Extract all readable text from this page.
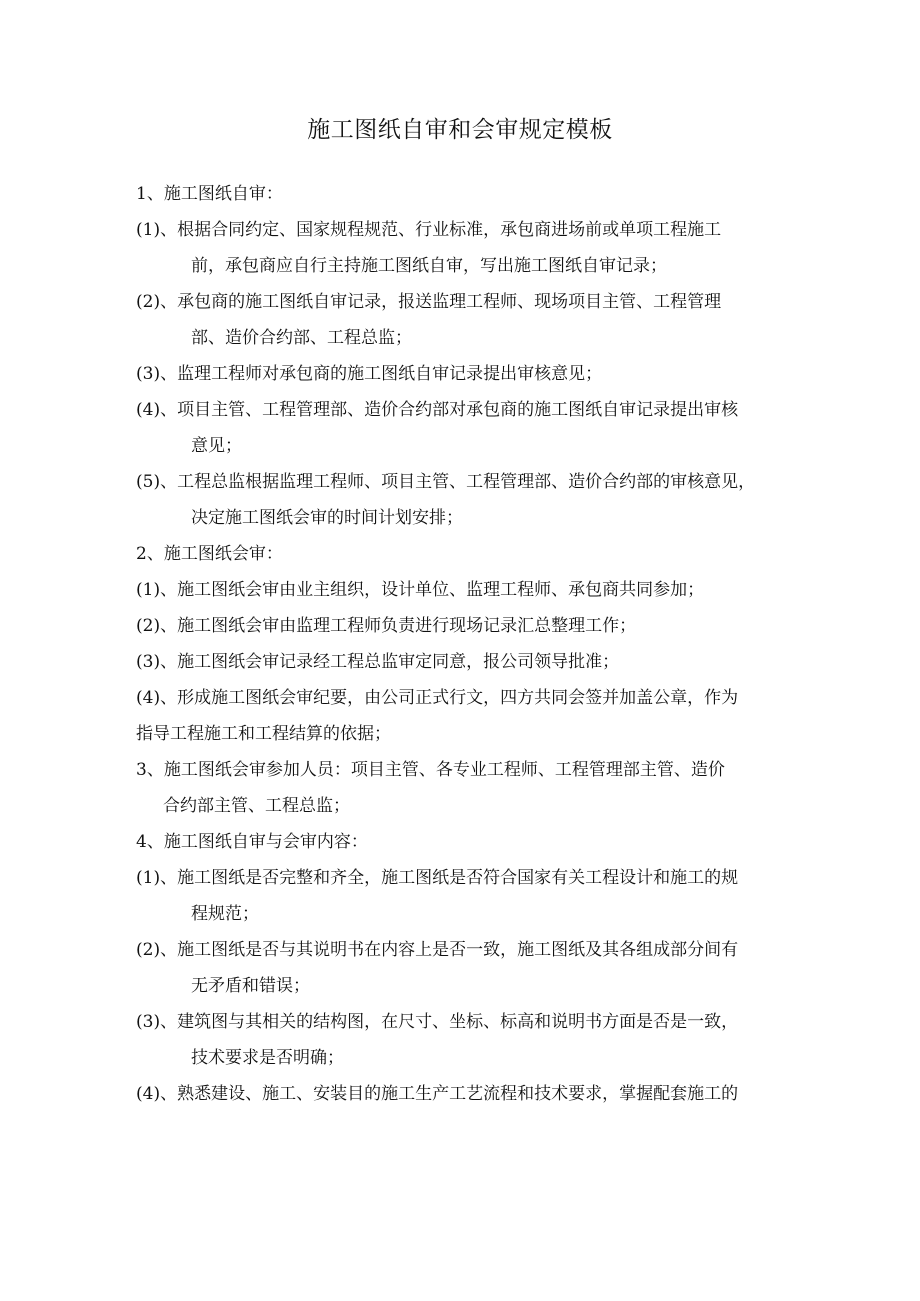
施工图纸自审和会审规定模板

1、施工图纸自审：

(1)、根据合同约定、国家规程规范、行业标准，承包商进场前或单项工程施工

前，承包商应自行主持施工图纸自审，写出施工图纸自审记录；

(2)、承包商的施工图纸自审记录，报送监理工程师、现场项目主管、工程管理

部、造价合约部、工程总监；

(3)、监理工程师对承包商的施工图纸自审记录提出审核意见；

(4)、项目主管、工程管理部、造价合约部对承包商的施工图纸自审记录提出审核

意见；

(5)、工程总监根据监理工程师、项目主管、工程管理部、造价合约部的审核意见，

决定施工图纸会审的时间计划安排；

2、施工图纸会审：

(1)、施工图纸会审由业主组织，设计单位、监理工程师、承包商共同参加；

(2)、施工图纸会审由监理工程师负责进行现场记录汇总整理工作；

(3)、施工图纸会审记录经工程总监审定同意，报公司领导批准；

(4)、形成施工图纸会审纪要，由公司正式行文，四方共同会签并加盖公章，作为

指导工程施工和工程结算的依据；

3、施工图纸会审参加人员：项目主管、各专业工程师、工程管理部主管、造价

合约部主管、工程总监；

4、施工图纸自审与会审内容：

(1)、施工图纸是否完整和齐全，施工图纸是否符合国家有关工程设计和施工的规

程规范；

(2)、施工图纸是否与其说明书在内容上是否一致，施工图纸及其各组成部分间有

无矛盾和错误；

(3)、建筑图与其相关的结构图，在尺寸、坐标、标高和说明书方面是否是一致，

技术要求是否明确；

(4)、熟悉建设、施工、安装目的施工生产工艺流程和技术要求，掌握配套施工的
